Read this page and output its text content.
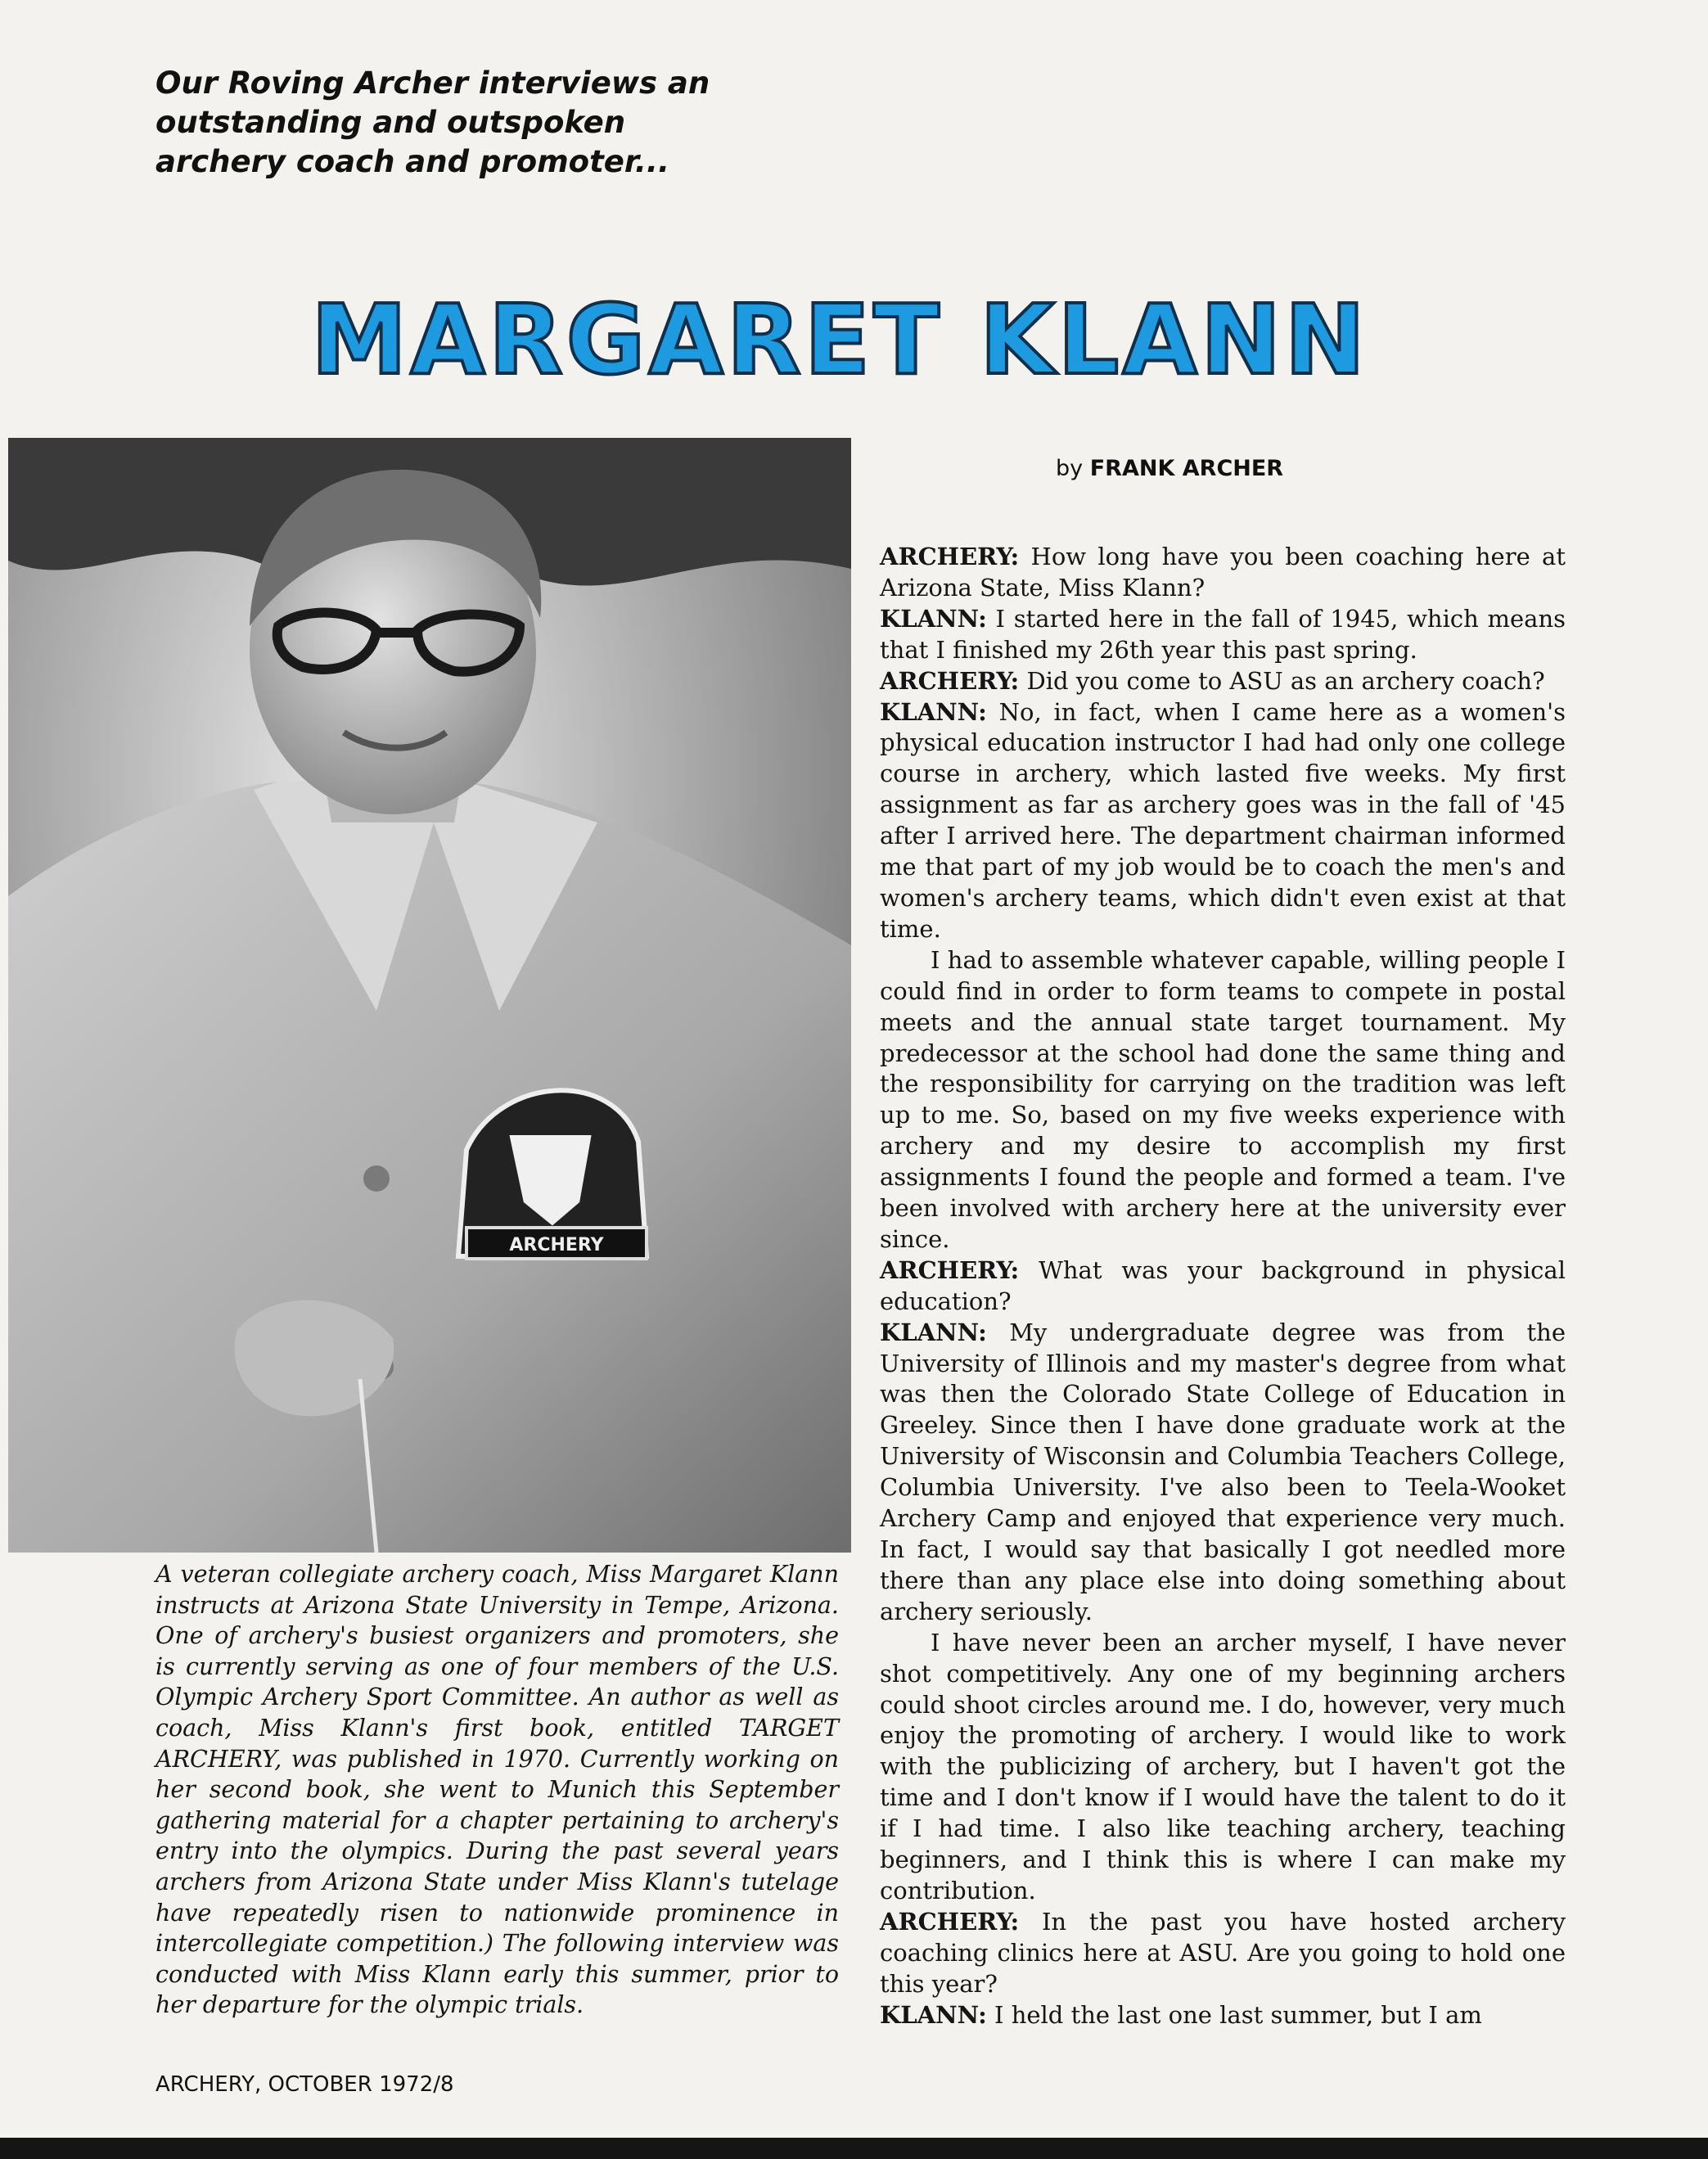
Our Roving Archer interviews an
outstanding and outspoken
archery coach and promoter...
MARGARET KLANN
ARCHERY

A veteran collegiate archery coach, Miss Margaret Klann instructs at Arizona State University in Tempe, Arizona. One of archery's busiest organizers and promoters, she is currently serving as one of four members of the U.S. Olympic Archery Sport Committee. An author as well as coach, Miss Klann's first book, entitled TARGET ARCHERY, was published in 1970. Currently working on her second book, she went to Munich this September gathering material for a chapter pertaining to archery's entry into the olympics. During the past several years archers from Arizona State under Miss Klann's tutelage have repeatedly risen to nationwide prominence in intercollegiate competition.) The following interview was conducted with Miss Klann early this summer, prior to her departure for the olympic trials.

by FRANK ARCHER

ARCHERY: How long have you been coaching here at Arizona State, Miss Klann?

KLANN: I started here in the fall of 1945, which means that I finished my 26th year this past spring.

ARCHERY: Did you come to ASU as an archery coach?

KLANN: No, in fact, when I came here as a women's physical education instructor I had had only one college course in archery, which lasted five weeks. My first assignment as far as archery goes was in the fall of '45 after I arrived here. The department chairman informed me that part of my job would be to coach the men's and women's archery teams, which didn't even exist at that time.

I had to assemble whatever capable, willing people I could find in order to form teams to compete in postal meets and the annual state target tournament. My predecessor at the school had done the same thing and the responsibility for carrying on the tradition was left up to me. So, based on my five weeks experience with archery and my desire to accomplish my first assignments I found the people and formed a team. I've been involved with archery here at the university ever since.

ARCHERY: What was your background in physical education?

KLANN: My undergraduate degree was from the University of Illinois and my master's degree from what was then the Colorado State College of Education in Greeley. Since then I have done graduate work at the University of Wisconsin and Columbia Teachers College, Columbia University. I've also been to Teela-Wooket Archery Camp and enjoyed that experience very much. In fact, I would say that basically I got needled more there than any place else into doing something about archery seriously.

I have never been an archer myself, I have never shot competitively. Any one of my beginning archers could shoot circles around me. I do, however, very much enjoy the promoting of archery. I would like to work with the publicizing of archery, but I haven't got the time and I don't know if I would have the talent to do it if I had time. I also like teaching archery, teaching beginners, and I think this is where I can make my contribution.

ARCHERY: In the past you have hosted archery coaching clinics here at ASU. Are you going to hold one this year?

KLANN: I held the last one last summer, but I am

ARCHERY, OCTOBER 1972/8
